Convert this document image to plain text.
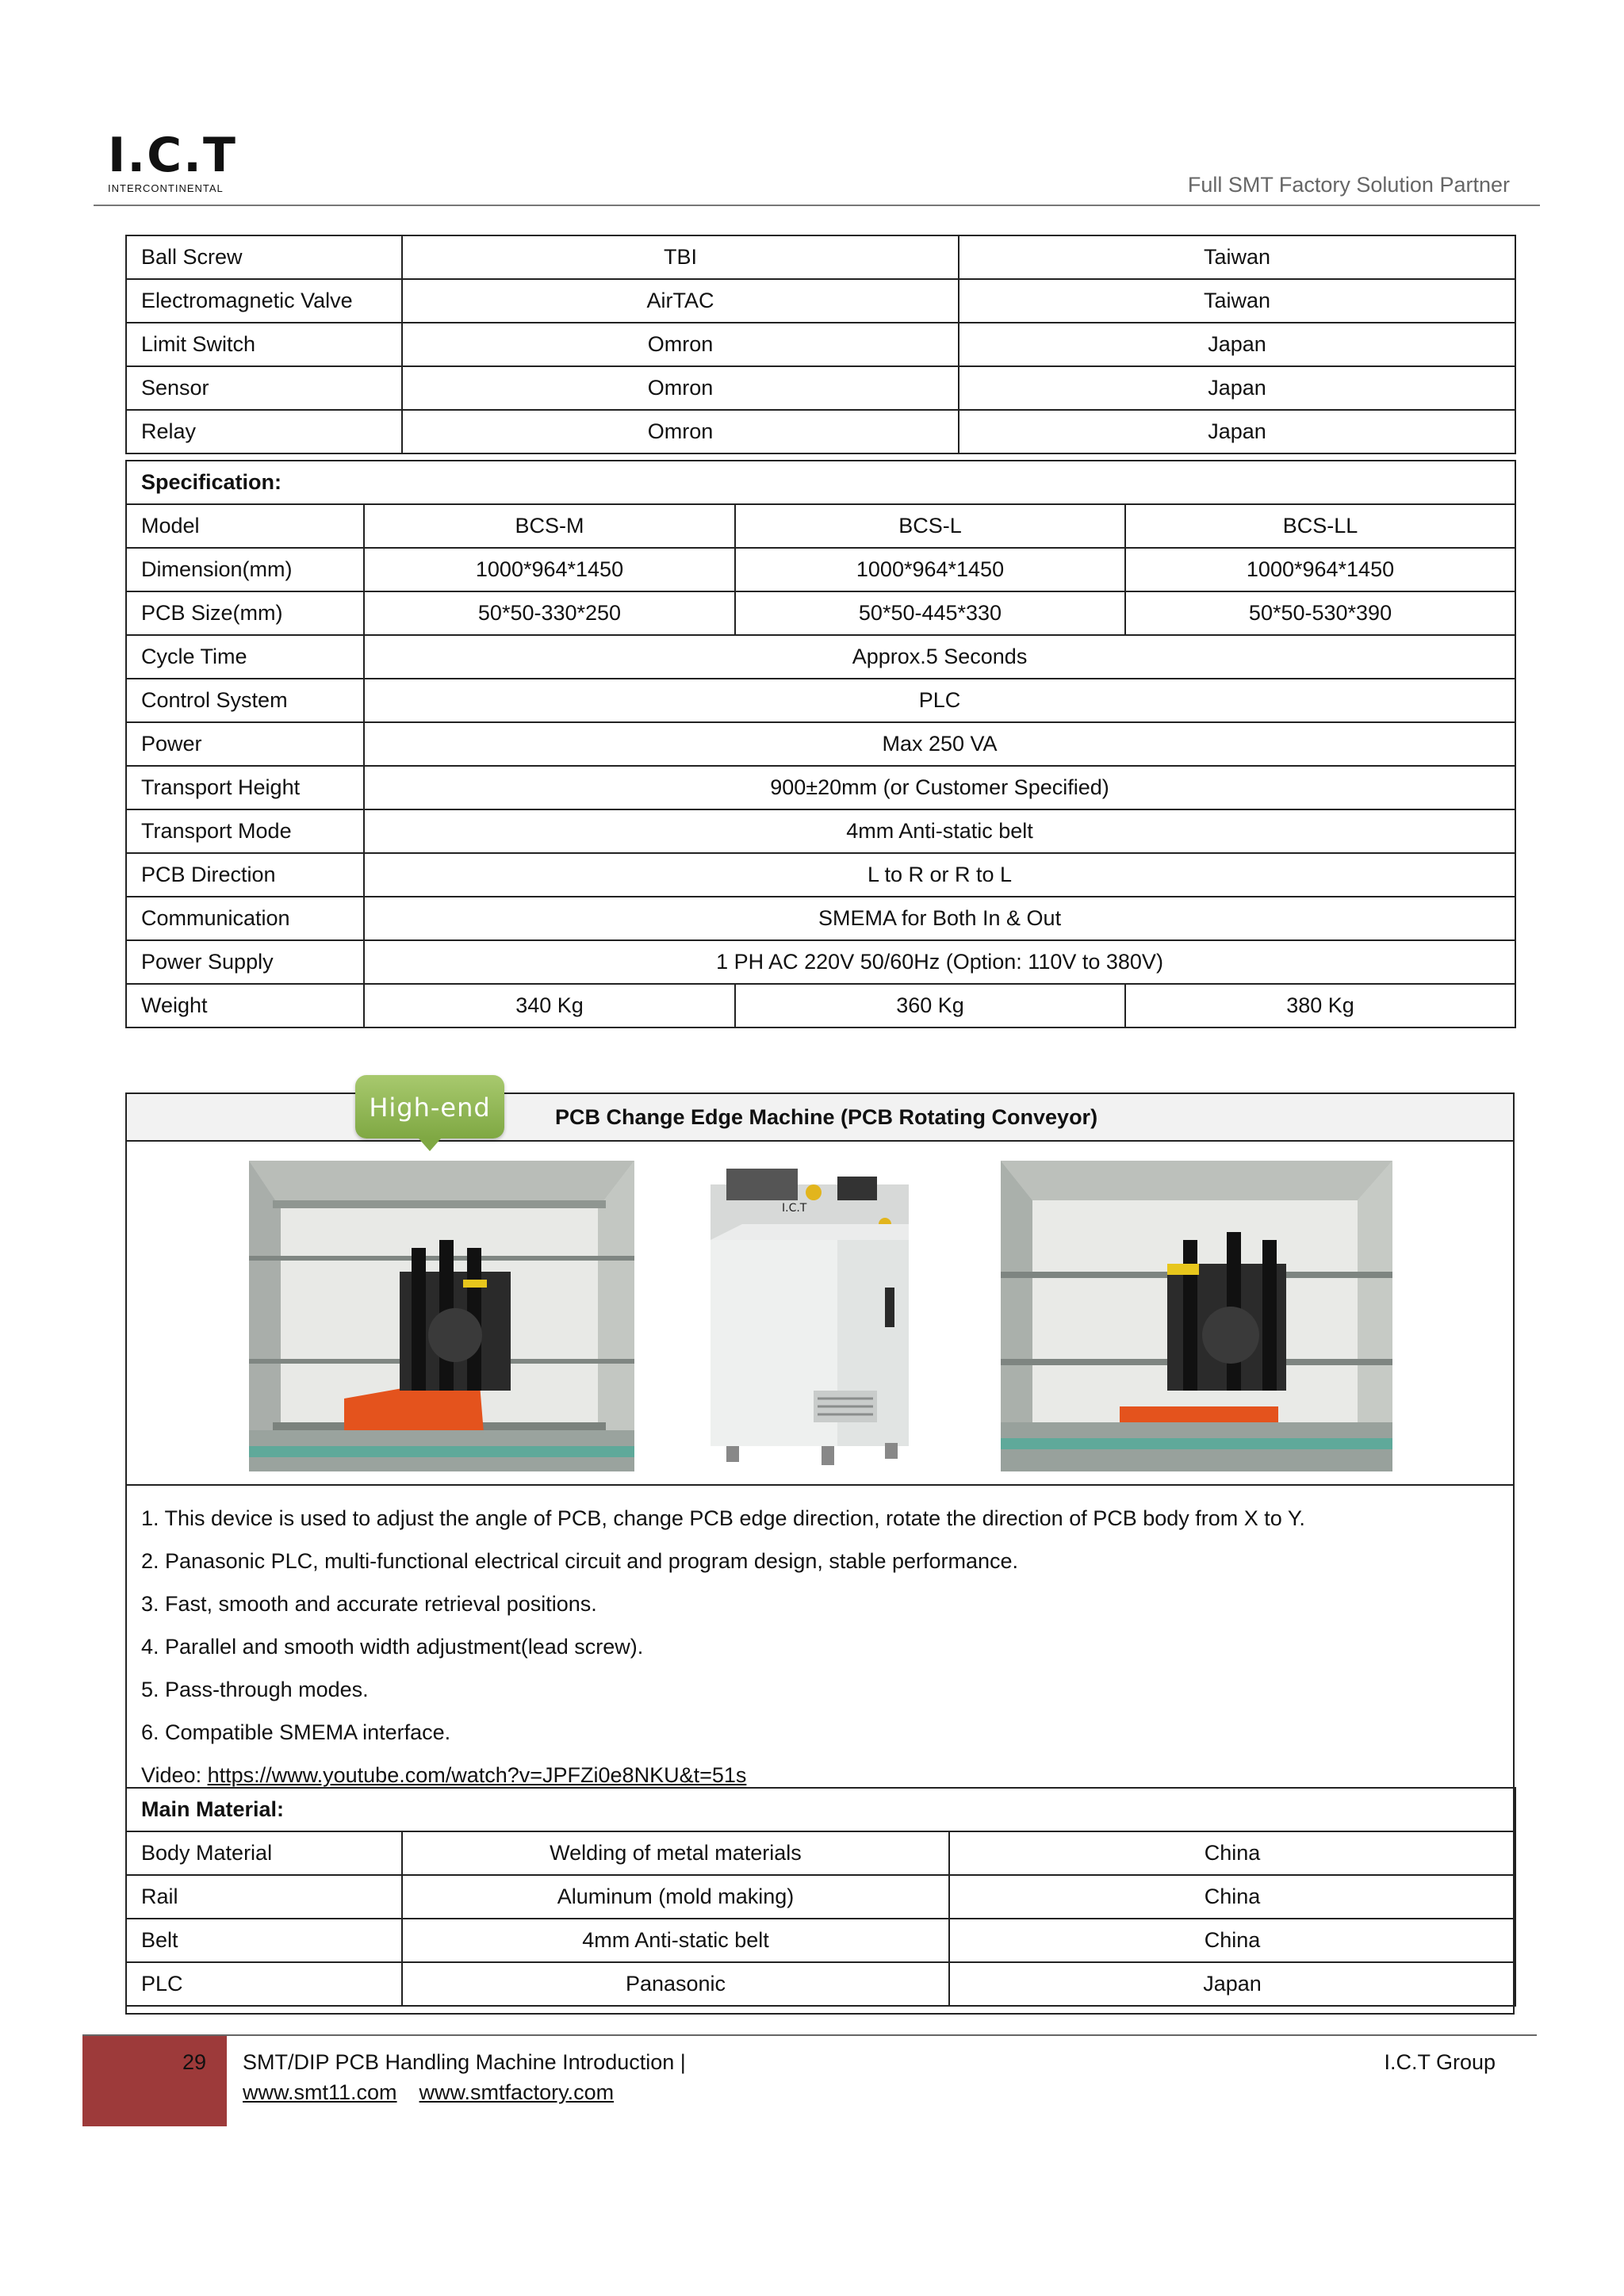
I.C.T
INTERCONTINENTAL	Full SMT Factory Solution Partner
Ball Screw	TBI	Taiwan
Electromagnetic Valve	AirTAC	Taiwan
Limit Switch	Omron	Japan
Sensor	Omron	Japan
Relay	Omron	Japan
Specification:			
Model	BCS-M	BCS-L	BCS-LL
Dimension(mm)	1000*964*1450	1000*964*1450	1000*964*1450
PCB Size(mm)	50*50-330*250	50*50-445*330	50*50-530*390
Cycle Time	Approx.5 Seconds		
Control System	PLC		
Power	Max 250 VA		
Transport Height	900±20mm (or Customer Specified)		
Transport Mode	4mm Anti-static belt		
PCB Direction	L to R or R to L		
Communication	SMEMA for Both In & Out		
Power Supply	1 PH AC 220V 50/60Hz (Option: 110V to 380V)		
Weight	340 Kg	360 Kg	380 Kg
PCB Change Edge Machine (PCB Rotating Conveyor)
High-end
I.C.T
1. This device is used to adjust the angle of PCB, change PCB edge direction, rotate the direction of PCB body from X to Y.
2. Panasonic PLC, multi-functional electrical circuit and program design, stable performance.
3. Fast, smooth and accurate retrieval positions.
4. Parallel and smooth width adjustment(lead screw).
5. Pass-through modes.
6. Compatible SMEMA interface.
Video: https://www.youtube.com/watch?v=JPFZi0e8NKU&t=51s
Main Material:		
Body Material	Welding of metal materials	China
Rail	Aluminum (mold making)	China
Belt	4mm Anti-static belt	China
PLC	Panasonic	Japan
29 SMT/DIP PCB Handling Machine Introduction |
www.smt11.com www.smtfactory.com
I.C.T Group
